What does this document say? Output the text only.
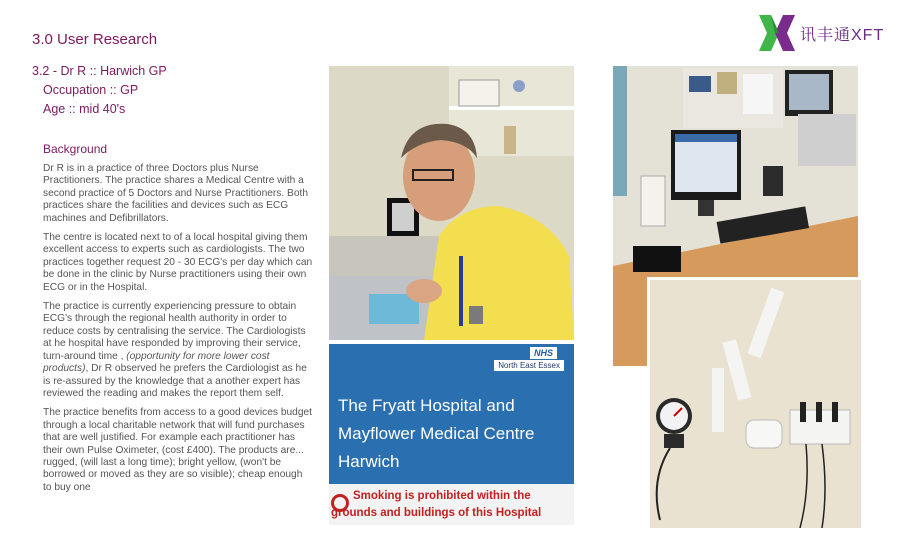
3.0 User Research
3.2 - Dr R :: Harwich GP
Occupation :: GP
Age :: mid 40's
讯丰通XFT
Background

Dr R is in a practice of three Doctors plus Nurse Practitioners. The practice shares a Medical Centre with a second practice of 5 Doctors and Nurse Practitioners. Both practices share the facilities and devices such as ECG machines and Defibrillators.

The centre is located next to of a local hospital giving them excellent access to experts such as cardiologists. The two practices together request 20 - 30 ECG's per day which can be done in the clinic by Nurse practitioners using their own ECG or in the Hospital.

The practice is currently experiencing pressure to obtain ECG's through the regional health authority in order to reduce costs by centralising the service. The Cardiologists at he hospital have responded by improving their service, turn-around time , (opportunity for more lower cost products), Dr R observed he prefers the Cardiologist as he is re-assured by the knowledge that a another expert has reviewed the reading and makes the report them self.

The practice benefits from access to a good devices budget through a local charitable network that will fund purchases that are well justified. For example each practitioner has their own Pulse Oximeter, (cost £400). The products are... rugged, (will last a long time); bright yellow, (won't be borrowed or moved as they are so visible); cheap enough to buy one

NHS
North East Essex
The Fryatt Hospital and
Mayflower Medical Centre
Harwich
Smoking is prohibited within the
grounds and buildings of this Hospital
